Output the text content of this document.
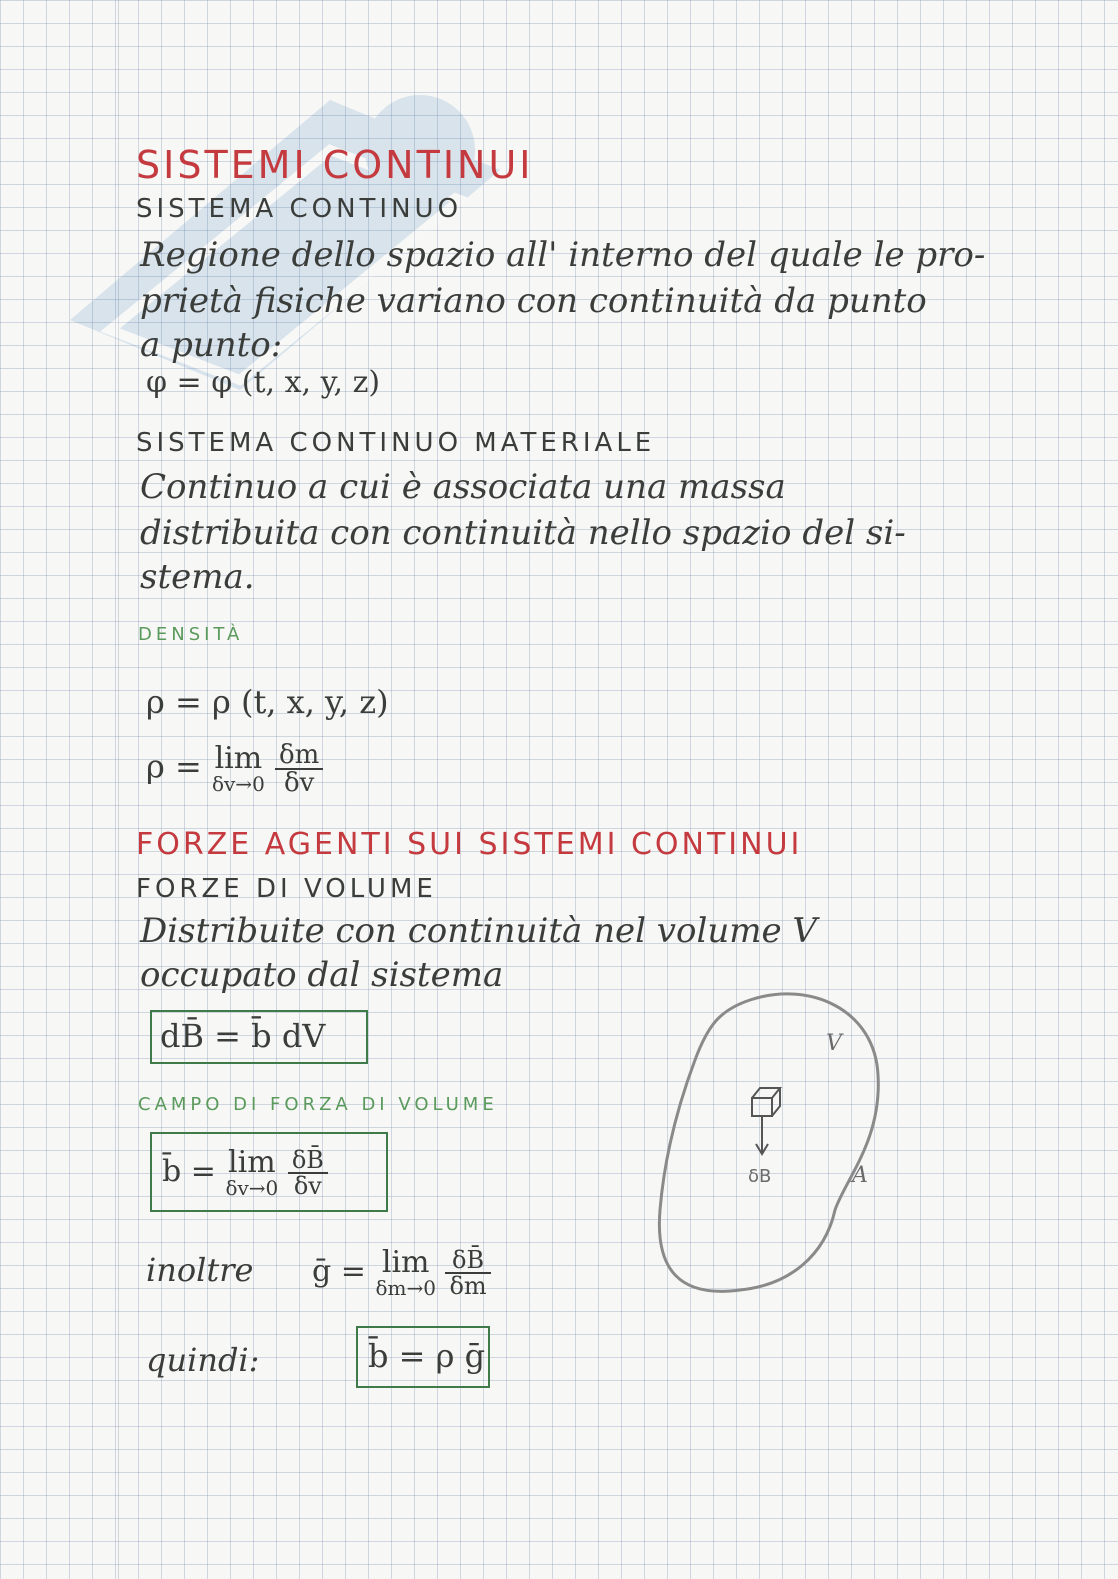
SISTEMI CONTINUI
SISTEMA CONTINUO
Regione dello spazio all' interno del quale le pro-
prietà fisiche variano con continuità da punto
a punto:
φ = φ (t, x, y, z)
SISTEMA CONTINUO MATERIALE
Continuo a cui è associata una massa
distribuita con continuità nello spazio del si-
stema.
DENSITÀ
ρ = ρ (t, x, y, z)
ρ = lim
δv→0
$\frac{\delta m}{\delta v}$
FORZE AGENTI SUI SISTEMI CONTINUI
FORZE DI VOLUME
Distribuite con continuità nel volume V
occupato dal sistema
dB̄ = b̄ dV
CAMPO DI FORZA DI VOLUME
b̄ = lim
δv→0
$\frac{\delta B̄}{\delta v}$
inoltre ḡ = lim
δm→0
$\frac{\delta B̄}{\delta m}$
quindi:	b̄ = ρ ḡ
δB
V
A
